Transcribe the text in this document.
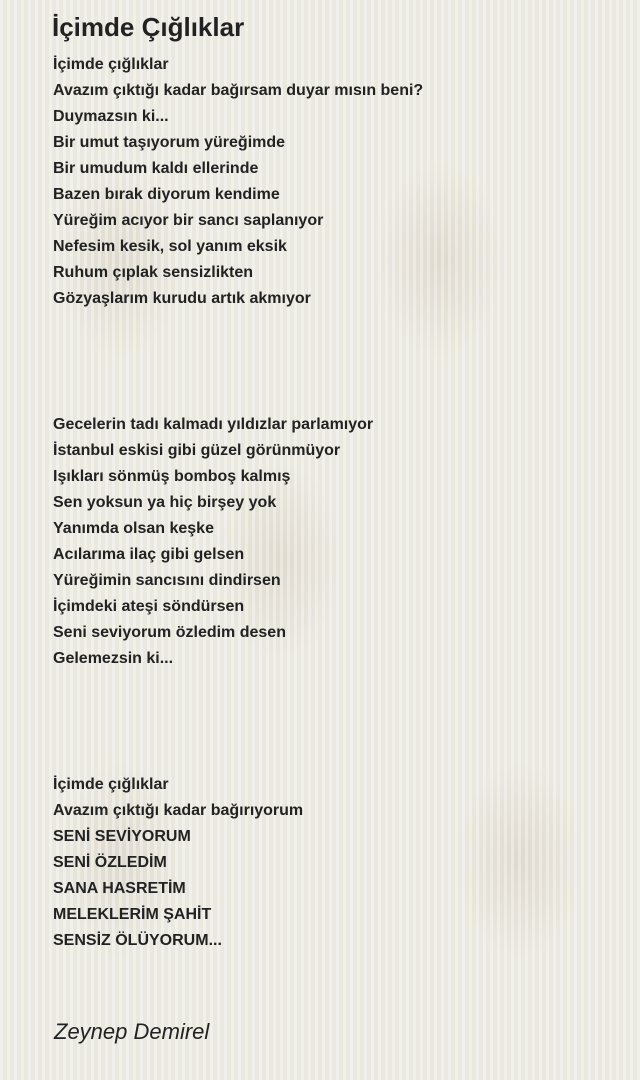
İçimde Çığlıklar
İçimde çığlıklar
Avazım çıktığı kadar bağırsam duyar mısın beni?
Duymazsın ki...
Bir umut taşıyorum yüreğimde
Bir umudum kaldı ellerinde
Bazen bırak diyorum kendime
Yüreğim acıyor bir sancı saplanıyor
Nefesim kesik, sol yanım eksik
Ruhum çıplak sensizlikten
Gözyaşlarım kurudu artık akmıyor
Gecelerin tadı kalmadı yıldızlar parlamıyor
İstanbul eskisi gibi güzel görünmüyor
Işıkları sönmüş bomboş kalmış
Sen yoksun ya hiç birşey yok
Yanımda olsan keşke
Acılarıma ilaç gibi gelsen
Yüreğimin sancısını dindirsen
İçimdeki ateşi söndürsen
Seni seviyorum özledim desen
Gelemezsin ki...
İçimde çığlıklar
Avazım çıktığı kadar bağırıyorum
SENİ SEVİYORUM
SENİ ÖZLEDİM
SANA HASRETİM
MELEKLERİM ŞAHİT
SENSİZ ÖLÜYORUM...
Zeynep Demirel
